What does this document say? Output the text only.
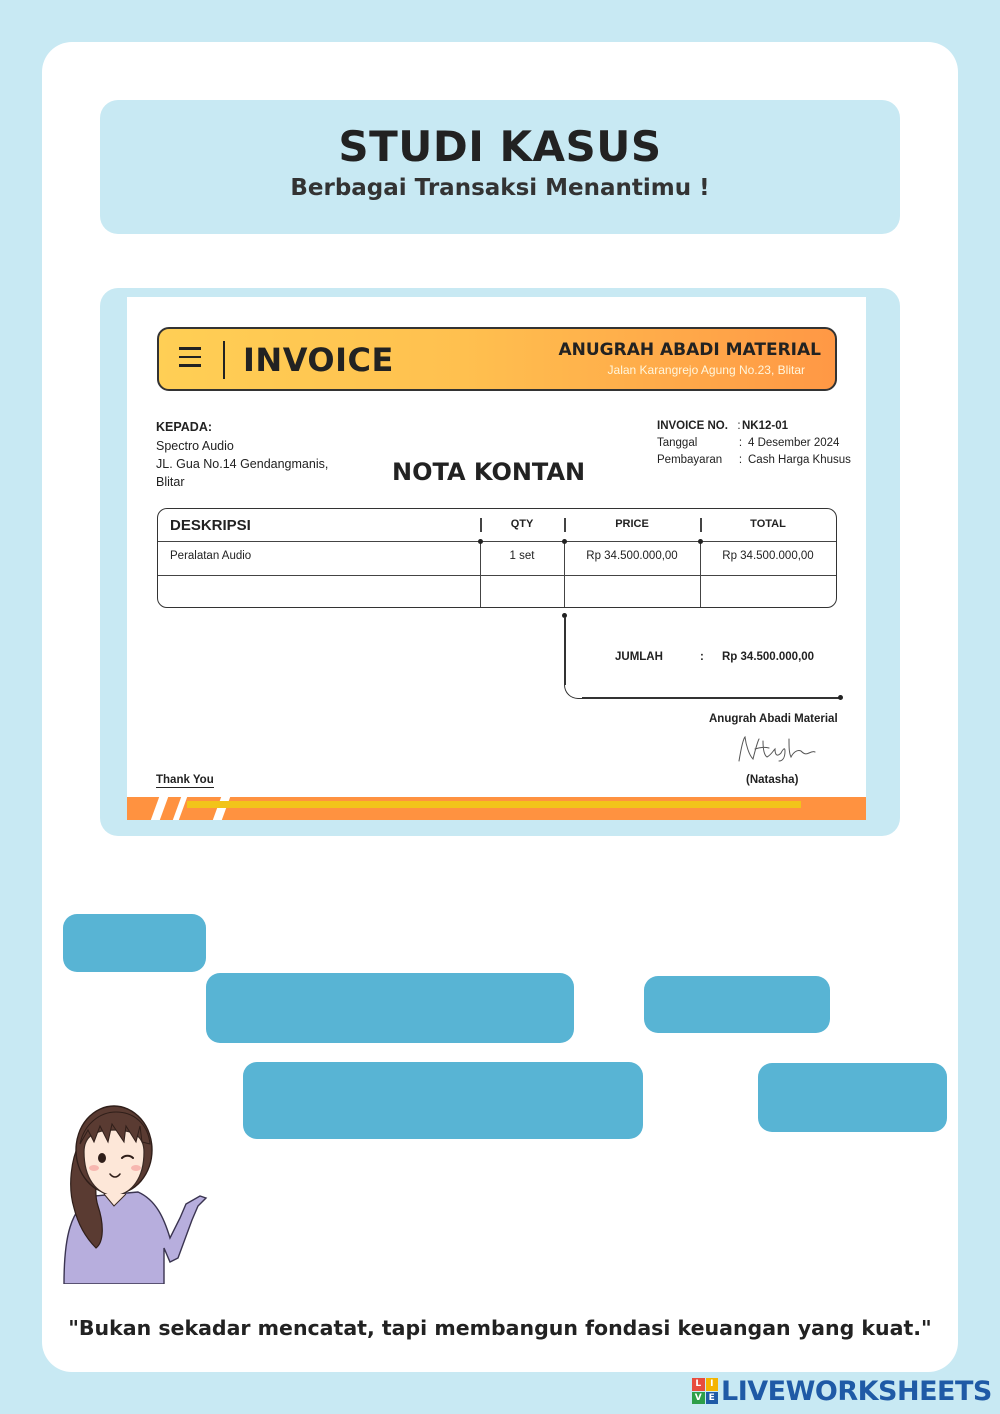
STUDI KASUS
Berbagai Transaksi Menantimu !
INVOICE	ANUGRAH ABADI MATERIAL
Jalan Karangrejo Agung No.23, Blitar
KEPADA:
Spectro Audio
JL. Gua No.14 Gendangmanis,
Blitar	NOTA KONTAN
INVOICE NO. : NK12-01
Tanggal	: 4 Desember 2024
Pembayaran	: Cash Harga Khusus
DESKRIPSI	QTY	PRICE	TOTAL
Peralatan Audio	1 set	Rp 34.500.000,00	Rp 34.500.000,00
JUMLAH	: Rp 34.500.000,00
Anugrah Abadi Material
(Natasha)
Thank You
"Bukan sekadar mencatat, tapi membangun fondasi keuangan yang kuat."
L I
V E LIVEWORKSHEETS
